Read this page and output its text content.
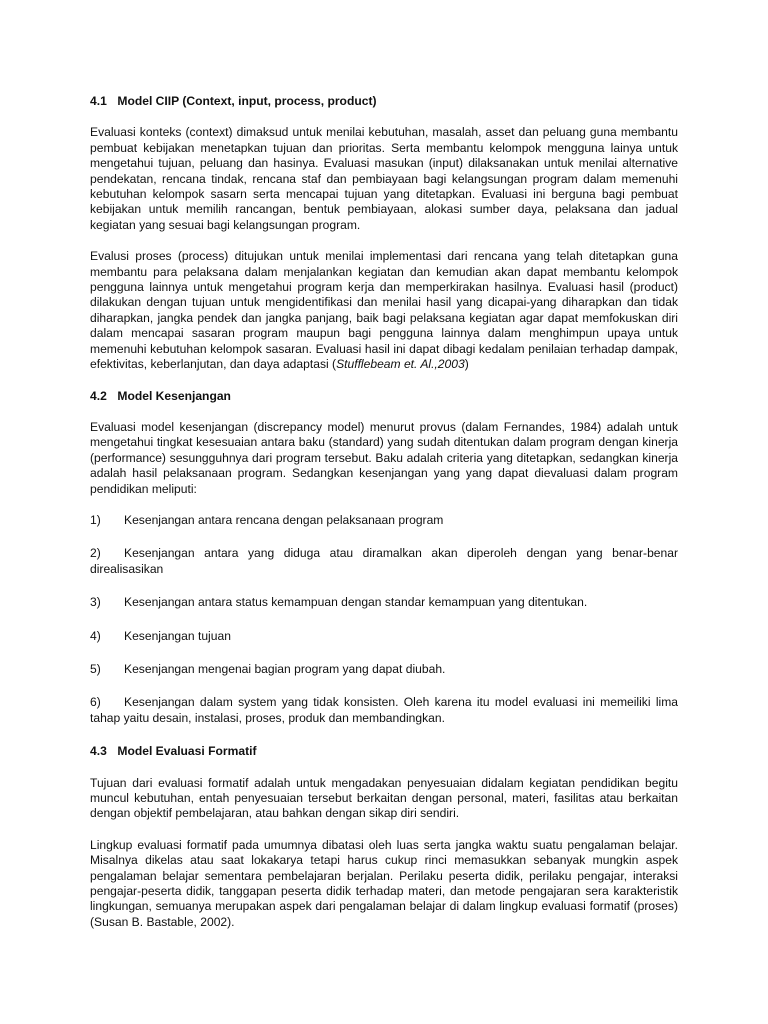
4.1 Model CIIP (Context, input, process, product)

Evaluasi konteks (context) dimaksud untuk menilai kebutuhan, masalah, asset dan peluang guna membantu pembuat kebijakan menetapkan tujuan dan prioritas. Serta membantu kelompok mengguna lainya untuk mengetahui tujuan, peluang dan hasinya. Evaluasi masukan (input) dilaksanakan untuk menilai alternative pendekatan, rencana tindak, rencana staf dan pembiayaan bagi kelangsungan program dalam memenuhi kebutuhan kelompok sasarn serta mencapai tujuan yang ditetapkan. Evaluasi ini berguna bagi pembuat kebijakan untuk memilih rancangan, bentuk pembiayaan, alokasi sumber daya, pelaksana dan jadual kegiatan yang sesuai bagi kelangsungan program.

Evalusi proses (process) ditujukan untuk menilai implementasi dari rencana yang telah ditetapkan guna membantu para pelaksana dalam menjalankan kegiatan dan kemudian akan dapat membantu kelompok pengguna lainnya untuk mengetahui program kerja dan memperkirakan hasilnya. Evaluasi hasil (product) dilakukan dengan tujuan untuk mengidentifikasi dan menilai hasil yang dicapai-yang diharapkan dan tidak diharapkan, jangka pendek dan jangka panjang, baik bagi pelaksana kegiatan agar dapat memfokuskan diri dalam mencapai sasaran program maupun bagi pengguna lainnya dalam menghimpun upaya untuk memenuhi kebutuhan kelompok sasaran. Evaluasi hasil ini dapat dibagi kedalam penilaian terhadap dampak, efektivitas, keberlanjutan, dan daya adaptasi (Stufflebeam et. Al.,2003)

4.2 Model Kesenjangan

Evaluasi model kesenjangan (discrepancy model) menurut provus (dalam Fernandes, 1984) adalah untuk mengetahui tingkat kesesuaian antara baku (standard) yang sudah ditentukan dalam program dengan kinerja (performance) sesungguhnya dari program tersebut. Baku adalah criteria yang ditetapkan, sedangkan kinerja adalah hasil pelaksanaan program. Sedangkan kesenjangan yang yang dapat dievaluasi dalam program pendidikan meliputi:

1) Kesenjangan antara rencana dengan pelaksanaan program
2) Kesenjangan antara yang diduga atau diramalkan akan diperoleh dengan yang benar-benar direalisasikan
3) Kesenjangan antara status kemampuan dengan standar kemampuan yang ditentukan.
4) Kesenjangan tujuan
5) Kesenjangan mengenai bagian program yang dapat diubah.
6) Kesenjangan dalam system yang tidak konsisten. Oleh karena itu model evaluasi ini memeiliki lima tahap yaitu desain, instalasi, proses, produk dan membandingkan.
4.3 Model Evaluasi Formatif

Tujuan dari evaluasi formatif adalah untuk mengadakan penyesuaian didalam kegiatan pendidikan begitu muncul kebutuhan, entah penyesuaian tersebut berkaitan dengan personal, materi, fasilitas atau berkaitan dengan objektif pembelajaran, atau bahkan dengan sikap diri sendiri.

Lingkup evaluasi formatif pada umumnya dibatasi oleh luas serta jangka waktu suatu pengalaman belajar. Misalnya dikelas atau saat lokakarya tetapi harus cukup rinci memasukkan sebanyak mungkin aspek pengalaman belajar sementara pembelajaran berjalan. Perilaku peserta didik, perilaku pengajar, interaksi pengajar-peserta didik, tanggapan peserta didik terhadap materi, dan metode pengajaran sera karakteristik lingkungan, semuanya merupakan aspek dari pengalaman belajar di dalam lingkup evaluasi formatif (proses) (Susan B. Bastable, 2002).
